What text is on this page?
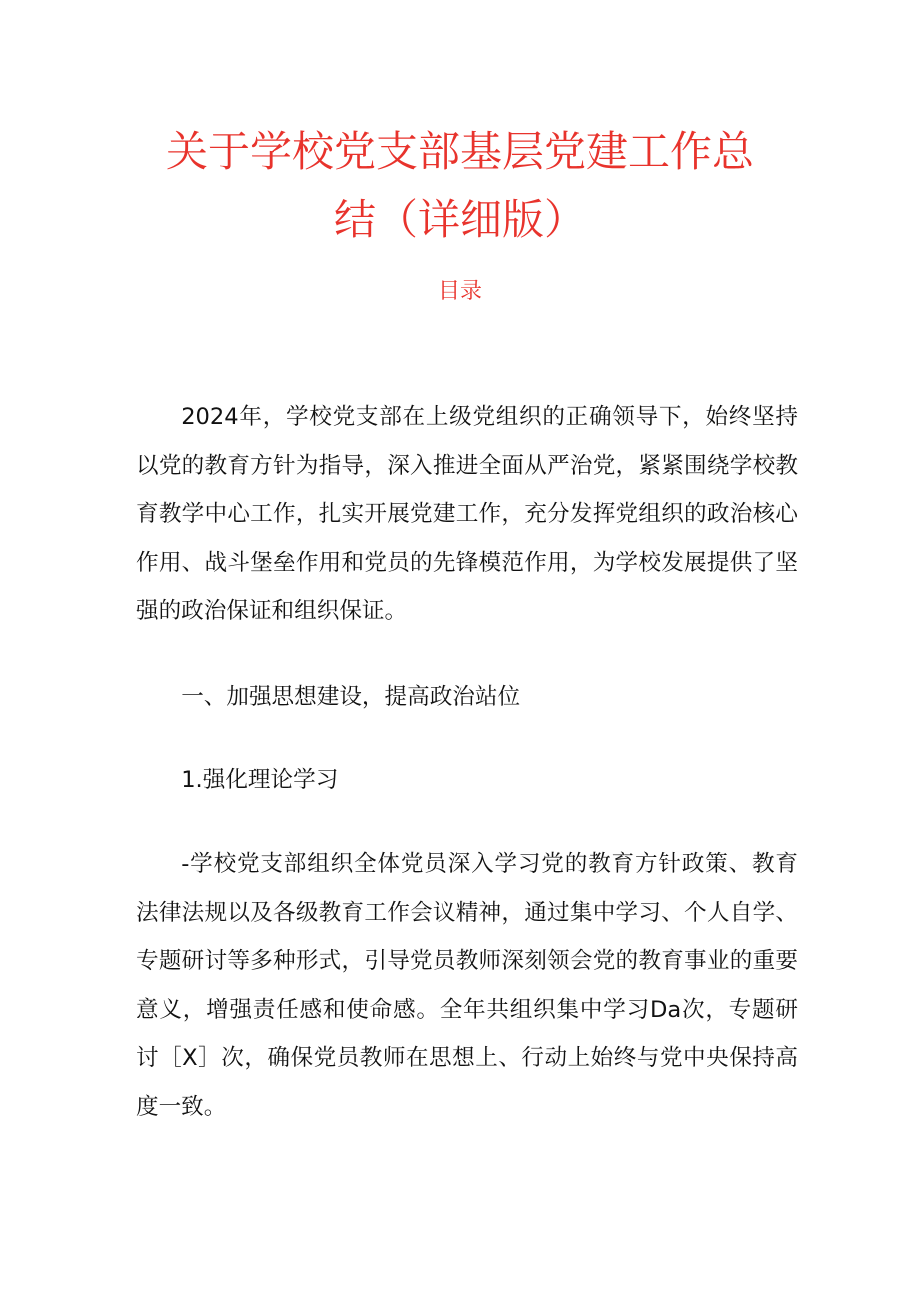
关于学校党支部基层党建工作总
结（详细版）
目录

2024年，学校党支部在上级党组织的正确领导下，始终坚持以党的教育方针为指导，深入推进全面从严治党，紧紧围绕学校教育教学中心工作，扎实开展党建工作，充分发挥党组织的政治核心作用、战斗堡垒作用和党员的先锋模范作用，为学校发展提供了坚强的政治保证和组织保证。

一、加强思想建设，提高政治站位

1.强化理论学习

-学校党支部组织全体党员深入学习党的教育方针政策、教育法律法规以及各级教育工作会议精神，通过集中学习、个人自学、专题研讨等多种形式，引导党员教师深刻领会党的教育事业的重要意义，增强责任感和使命感。全年共组织集中学习Da次，专题研讨［X］次，确保党员教师在思想上、行动上始终与党中央保持高度一致。
